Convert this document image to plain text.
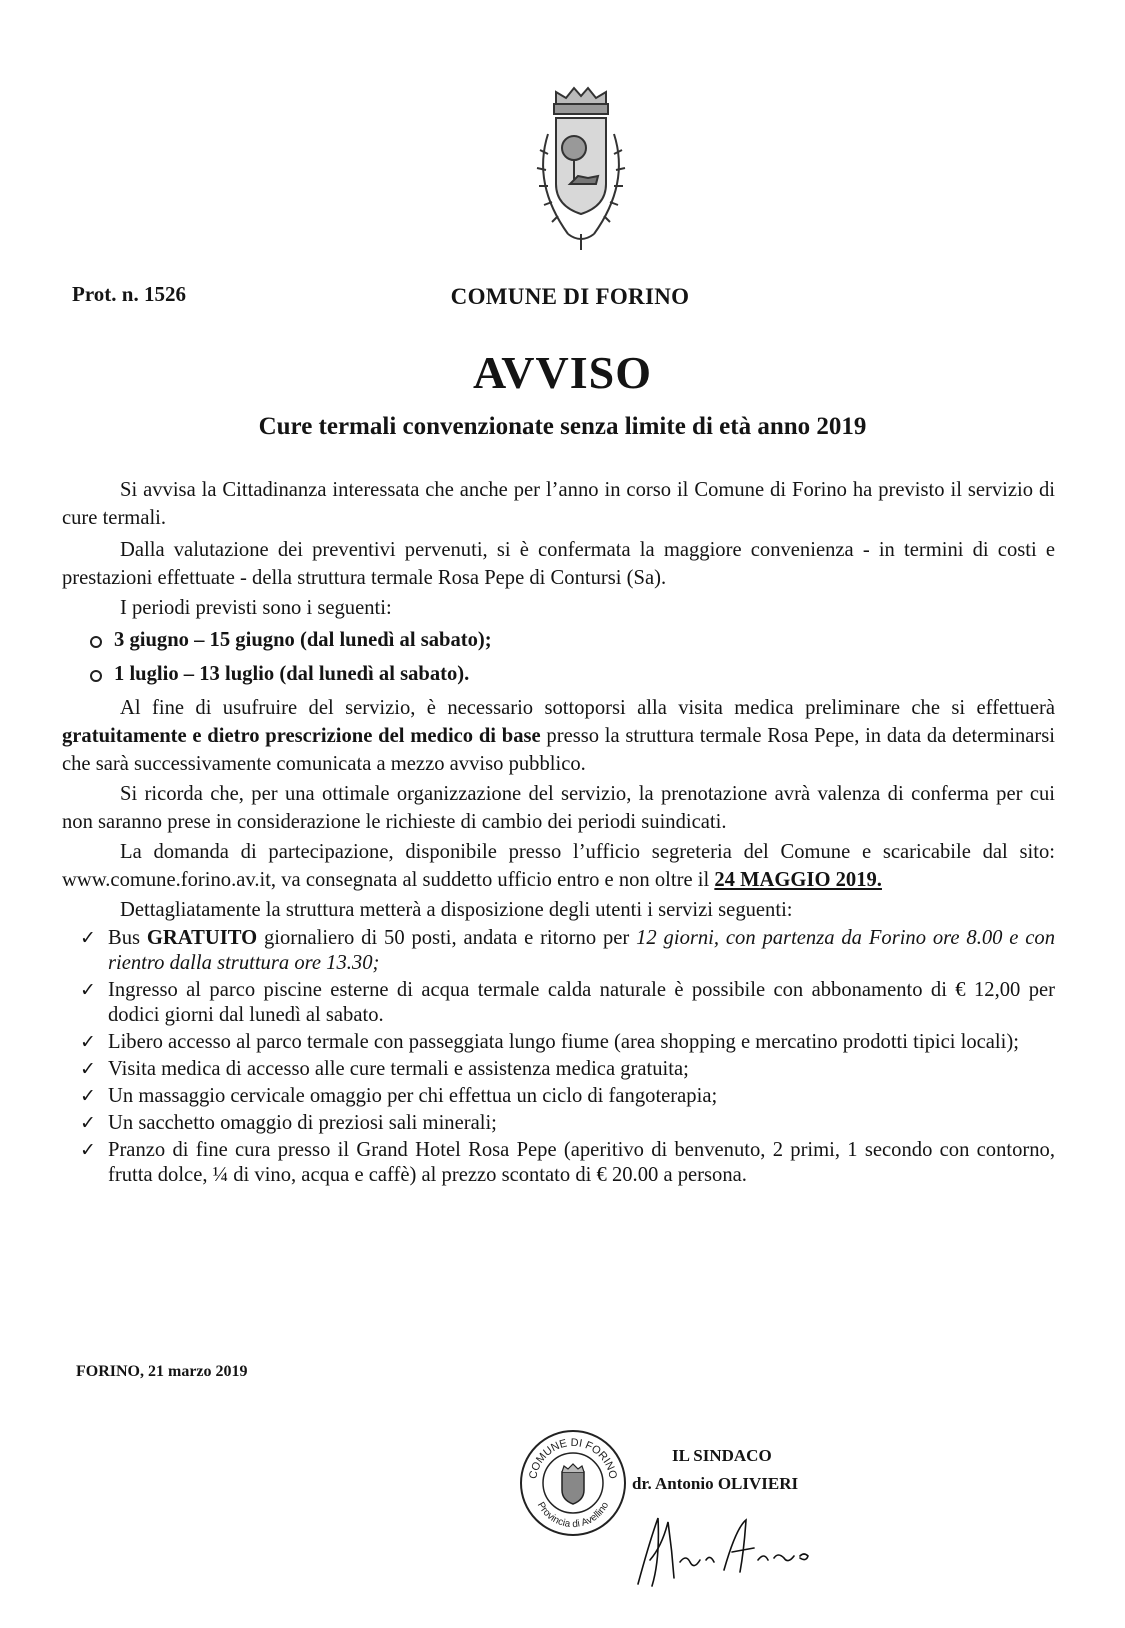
Prot. n. 1526	COMUNE DI FORINO
AVVISO
Cure termali convenzionate senza limite di età anno 2019

Si avvisa la Cittadinanza interessata che anche per l’anno in corso il Comune di Forino ha previsto il servizio di cure termali.

Dalla valutazione dei preventivi pervenuti, si è confermata la maggiore convenienza - in termini di costi e prestazioni effettuate - della struttura termale Rosa Pepe di Contursi (Sa).

I periodi previsti sono i seguenti:

3 giugno – 15 giugno (dal lunedì al sabato);
1 luglio – 13 luglio (dal lunedì al sabato).

Al fine di usufruire del servizio, è necessario sottoporsi alla visita medica preliminare che si effettuerà gratuitamente e dietro prescrizione del medico di base presso la struttura termale Rosa Pepe, in data da determinarsi che sarà successivamente comunicata a mezzo avviso pubblico.

Si ricorda che, per una ottimale organizzazione del servizio, la prenotazione avrà valenza di conferma per cui non saranno prese in considerazione le richieste di cambio dei periodi suindicati.

La domanda di partecipazione, disponibile presso l’ufficio segreteria del Comune e scaricabile dal sito: www.comune.forino.av.it, va consegnata al suddetto ufficio entro e non oltre il 24 MAGGIO 2019.

Dettagliatamente la struttura metterà a disposizione degli utenti i servizi seguenti:

✓ Bus GRATUITO giornaliero di 50 posti, andata e ritorno per 12 giorni, con partenza da Forino ore 8.00 e con rientro dalla struttura ore 13.30;
✓ Ingresso al parco piscine esterne di acqua termale calda naturale è possibile con abbonamento di € 12,00 per dodici giorni dal lunedì al sabato.
✓ Libero accesso al parco termale con passeggiata lungo fiume (area shopping e mercatino prodotti tipici locali);
✓ Visita medica di accesso alle cure termali e assistenza medica gratuita;
✓ Un massaggio cervicale omaggio per chi effettua un ciclo di fangoterapia;
✓ Un sacchetto omaggio di preziosi sali minerali;
✓ Pranzo di fine cura presso il Grand Hotel Rosa Pepe (aperitivo di benvenuto, 2 primi, 1 secondo con contorno, frutta dolce, ¼ di vino, acqua e caffè) al prezzo scontato di € 20.00 a persona.
FORINO, 21 marzo 2019
COMUNE DI FORINO
Provincia di Avellino
IL SINDACO
dr. Antonio OLIVIERI
